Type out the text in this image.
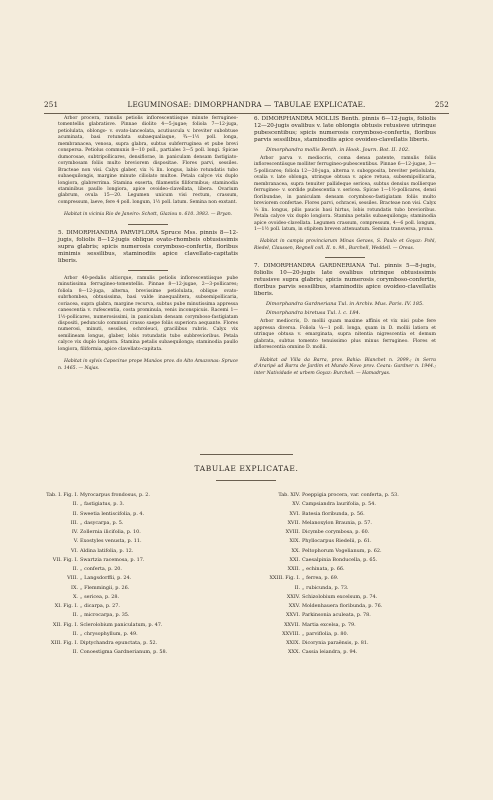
251	LEGUMINOSAE: DIMORPHANDRA — TABULAE EXPLICATAE.	252

Arbor procera, ramulis petiolis inflorescentiisque minute ferrugineo-tomentellis glabratisve. Pinnae diolito 4—5-jugae; foliola 7—12-juga, petiolulata, oblongo- v. ovato-lanceolata, acutiuscula v. breviter subobtuse acuminata, basi rotundata subaequaliaque, ¾—1½ poll. longa, membranacea, venosa, supra glabra, subtus subferruginea et pube brevi conspersa. Petiolus communis 8—10 poll., partiales 3—5 poll. longi. Spicae dumorosae, subtripollicares, densiflorae, in paniculam densam fastigiato-corymbosam foliis multo breviorem dispositae. Flores parvi, sessiles. Bracteae non visi. Calyx glaber, vix ¼ lin. longus, labio rotundatis tubo subaequilongis, margine minute ciliolato multoe. Petala calyce vix duplo longiora, glabrerrima. Stamina exserta, filamentis filiformibus; staminodia staminibus paullo longiora, apice ovoideo-clavellata, libera. Ovarium glabrum, ovula 15—20. Legumen unicum visi rectum, crassum, compressum, laeve, fere 4 poll. longum, 1½ poll. latum. Semina non exstant.

Habitat in vicinia Rio de Janeiro: Schott, Glaziou n. 610. 3983. — Bryan.

5. DIMORPHANDRA PARVIFLORA Spruce Mss. pinnis 8—12-jugis, foliolis 8—12-jugis oblique ovato-rhombeis obtusissimis supra glabris; spicis numerosis corymboso-confertis, floribus minimis sessilibus, staminodiis apice clavellato-capitatis liberis.

Arbor 40-pedalis altiorque, ramulis petiolis inflorescentiisque pube minutissima ferrugineo-tomentellis. Pinnae 8—12-jugae, 2—3-pollicares; foliola 8—12-juga, alterna, brevissime petiolulata, oblique ovato-subrhombea, obtusissima, basi valde inaequalitera, subsemipollicaria, coriacea, supra glabra, margine recurva, subtus pube minutissima appressa canescentia v. rufescentia, costa prominula, venis inconspicuis. Racemi 1—1½-pollicares, numerosissimi, in paniculam densam corymboso-fastigiatam dispositi, pedunculo communi crasso saepe foliis superiora aequante. Flores numerosi, minuti, sessiles, ochroleuci, gracilibus rubris. Calyx vix semilineam longus, glaber, lobis rotundatis tubo subbrevioribus. Petala calyce vix duplo longiora. Stamina petalis subaequilonga; staminodia paullo longiora, filiformia, apice clavellato-capitata.

Habitat in sylvis Capocirae prope Manáos prov. do Alto Amazonas: Spruce n. 1465. — Najas.

6. DIMORPHANDRA MOLLIS Benth. pinnis 6—12-jugis, foliolis 12—20-jugis ovalibus v. late oblongis obtusis retusisve utrinque pubescentibus; spicis numerosis corymboso-confertis, floribus parvis sessilibus, staminodiis apice ovoideo-clavellatis liberis.

Dimorphandra mollis Benth. in Hook. Journ. Bot. II. 102.

Arbor parva v. mediocris, coma densa patente, ramulis foliis inflorescentiisque molliter ferrugineo-pubescentibus. Pinnae 6—12-jugae, 3—5-pollicares; foliola 12—20-juga, alterna v. subopposita, breviter petiolulata, ovalia v. late oblonga, utrinque obtusa v. apice retusa, subsemipollicaria, membranacea, supra tenuiter pallideque sericea, subtus densius mollierque ferrugineo- v. sordide pubescentia v. sericea. Spicae 1—1½-pollicares, densi floribundae, in paniculam densam corymboso-fastigiatam foliis multo breviorem confertae. Flores parvi, ochracei, sessiles. Bracteae non visi. Calyx ⅓ lin. longus, pilis paucis basi hirtus, lobis rotundatis tubo brevioribus. Petala calyce vix duplo longiora. Stamina petalis subaequilonga; staminodia apice ovoideo-clavellata. Legumen crassum, compressum, 4—6 poll. longum, 1—1½ poll. latum, in stipitem breven attenuatum. Semina transversa, prona.

Habitat in campis provinciarum Minas Geraes, S. Paulo et Goyaz: Pohl, Riedel, Claussen, Regnell coll. II. n. 98., Burchell, Weddell. — Oreas.

7. DIMORPHANDRA GARDNERIANA Tul. pinnis 5—8-jugis, foliolis 10—20-jugis late ovalibus utrinque obtusissimis retusisve supra glabris; spicis numerosis corymboso-confertis, floribus parvis sessilibus, staminodiis apice ovoideo-clavellatis liberis.

Dimorphandra Gardneriana Tul. in Archiv. Mus. Paris. IV. 185.

Dimorphandra biretusa Tul. l. c. 184.

Arbor mediocris, D. mollii quam maxime affinis et vix nisi pube fere appressa diversa. Foliola ¼—1 poll. longa, quam in D. mollii latiora et utrinque obtusa v. emarginata, supra nitentia nigrescentia et demum glabrata, subtus tomento tenuissimo plus minus ferrugineo. Flores et inflorescentia omnino D. mollii.

Habitat ad Villa da Barra, prov. Bahia: Blanchet n. 3099.; in Serra d'Araripé ad Barra de Jardim et Mundo Novo prov. Ceara: Gardner n. 1944.; inter Natividade et urbem Goyaz: Burchell. — Hamadryas.

TABULAE EXPLICATAE.
Tab. I. Fig. I. Myrocarpus frondosus, p. 2.
II. „ fastigiatus, p. 3.
II. Sweetia lentiscifolia, p. 4.
III. „ dasycarpa, p. 5.
IV. Zollernia ilicifolia, p. 10.
V. Exostyles venusta, p. 11.
VI. Aldina latifolia, p. 12.
VII. Fig. I. Swartzia racemosa, p. 17.
II. „ conferta, p. 20.
VIII. „ Langsdorffii, p. 24.
IX. „ Flemmingii, p. 26.
X. „ sericea, p. 28.
XI. Fig. I. „ dicarpa, p. 27.
II. „ microcarpa, p. 35.
XII. Fig. I. Sclerolobium paniculatum, p. 47.
II. „ chrysophyllum, p. 49.
XIII. Fig. I. Diptychandra epunctata, p. 52.
II. Conoestigma Gardnerianum, p. 58.
Tab. XIV. Poeppigia procera, var. conferta, p. 53.
XV. Campsiandra laurifolia, p. 54.
XVI. Batesia floribunda, p. 56.
XVII. Melanoxylon Braunia, p. 57.
XVIII. Dicymbe corymbosa, p. 60.
XIX. Phyllocarpus Riedelii, p. 61.
XX. Peltophorum Vogelianum, p. 62.
XXI. Caesalpinia Bonducella, p. 65.
XXII. „ echinata, p. 66.
XXIII. Fig. I. „ ferrea, p. 69.
II. „ rubicunda, p. 73.
XXIV. Schizolobium excelsum, p. 74.
XXV. Moldenhauera floribunda, p. 76.
XXVI. Parkinsonia aculeata, p. 78.
XXVII. Martia excelsa, p. 79.
XXVIII. „ parviflolia, p. 80.
XXIX. Dicorynia paraënsis, p. 81.
XXX. Cassia leiandra, p. 94.
